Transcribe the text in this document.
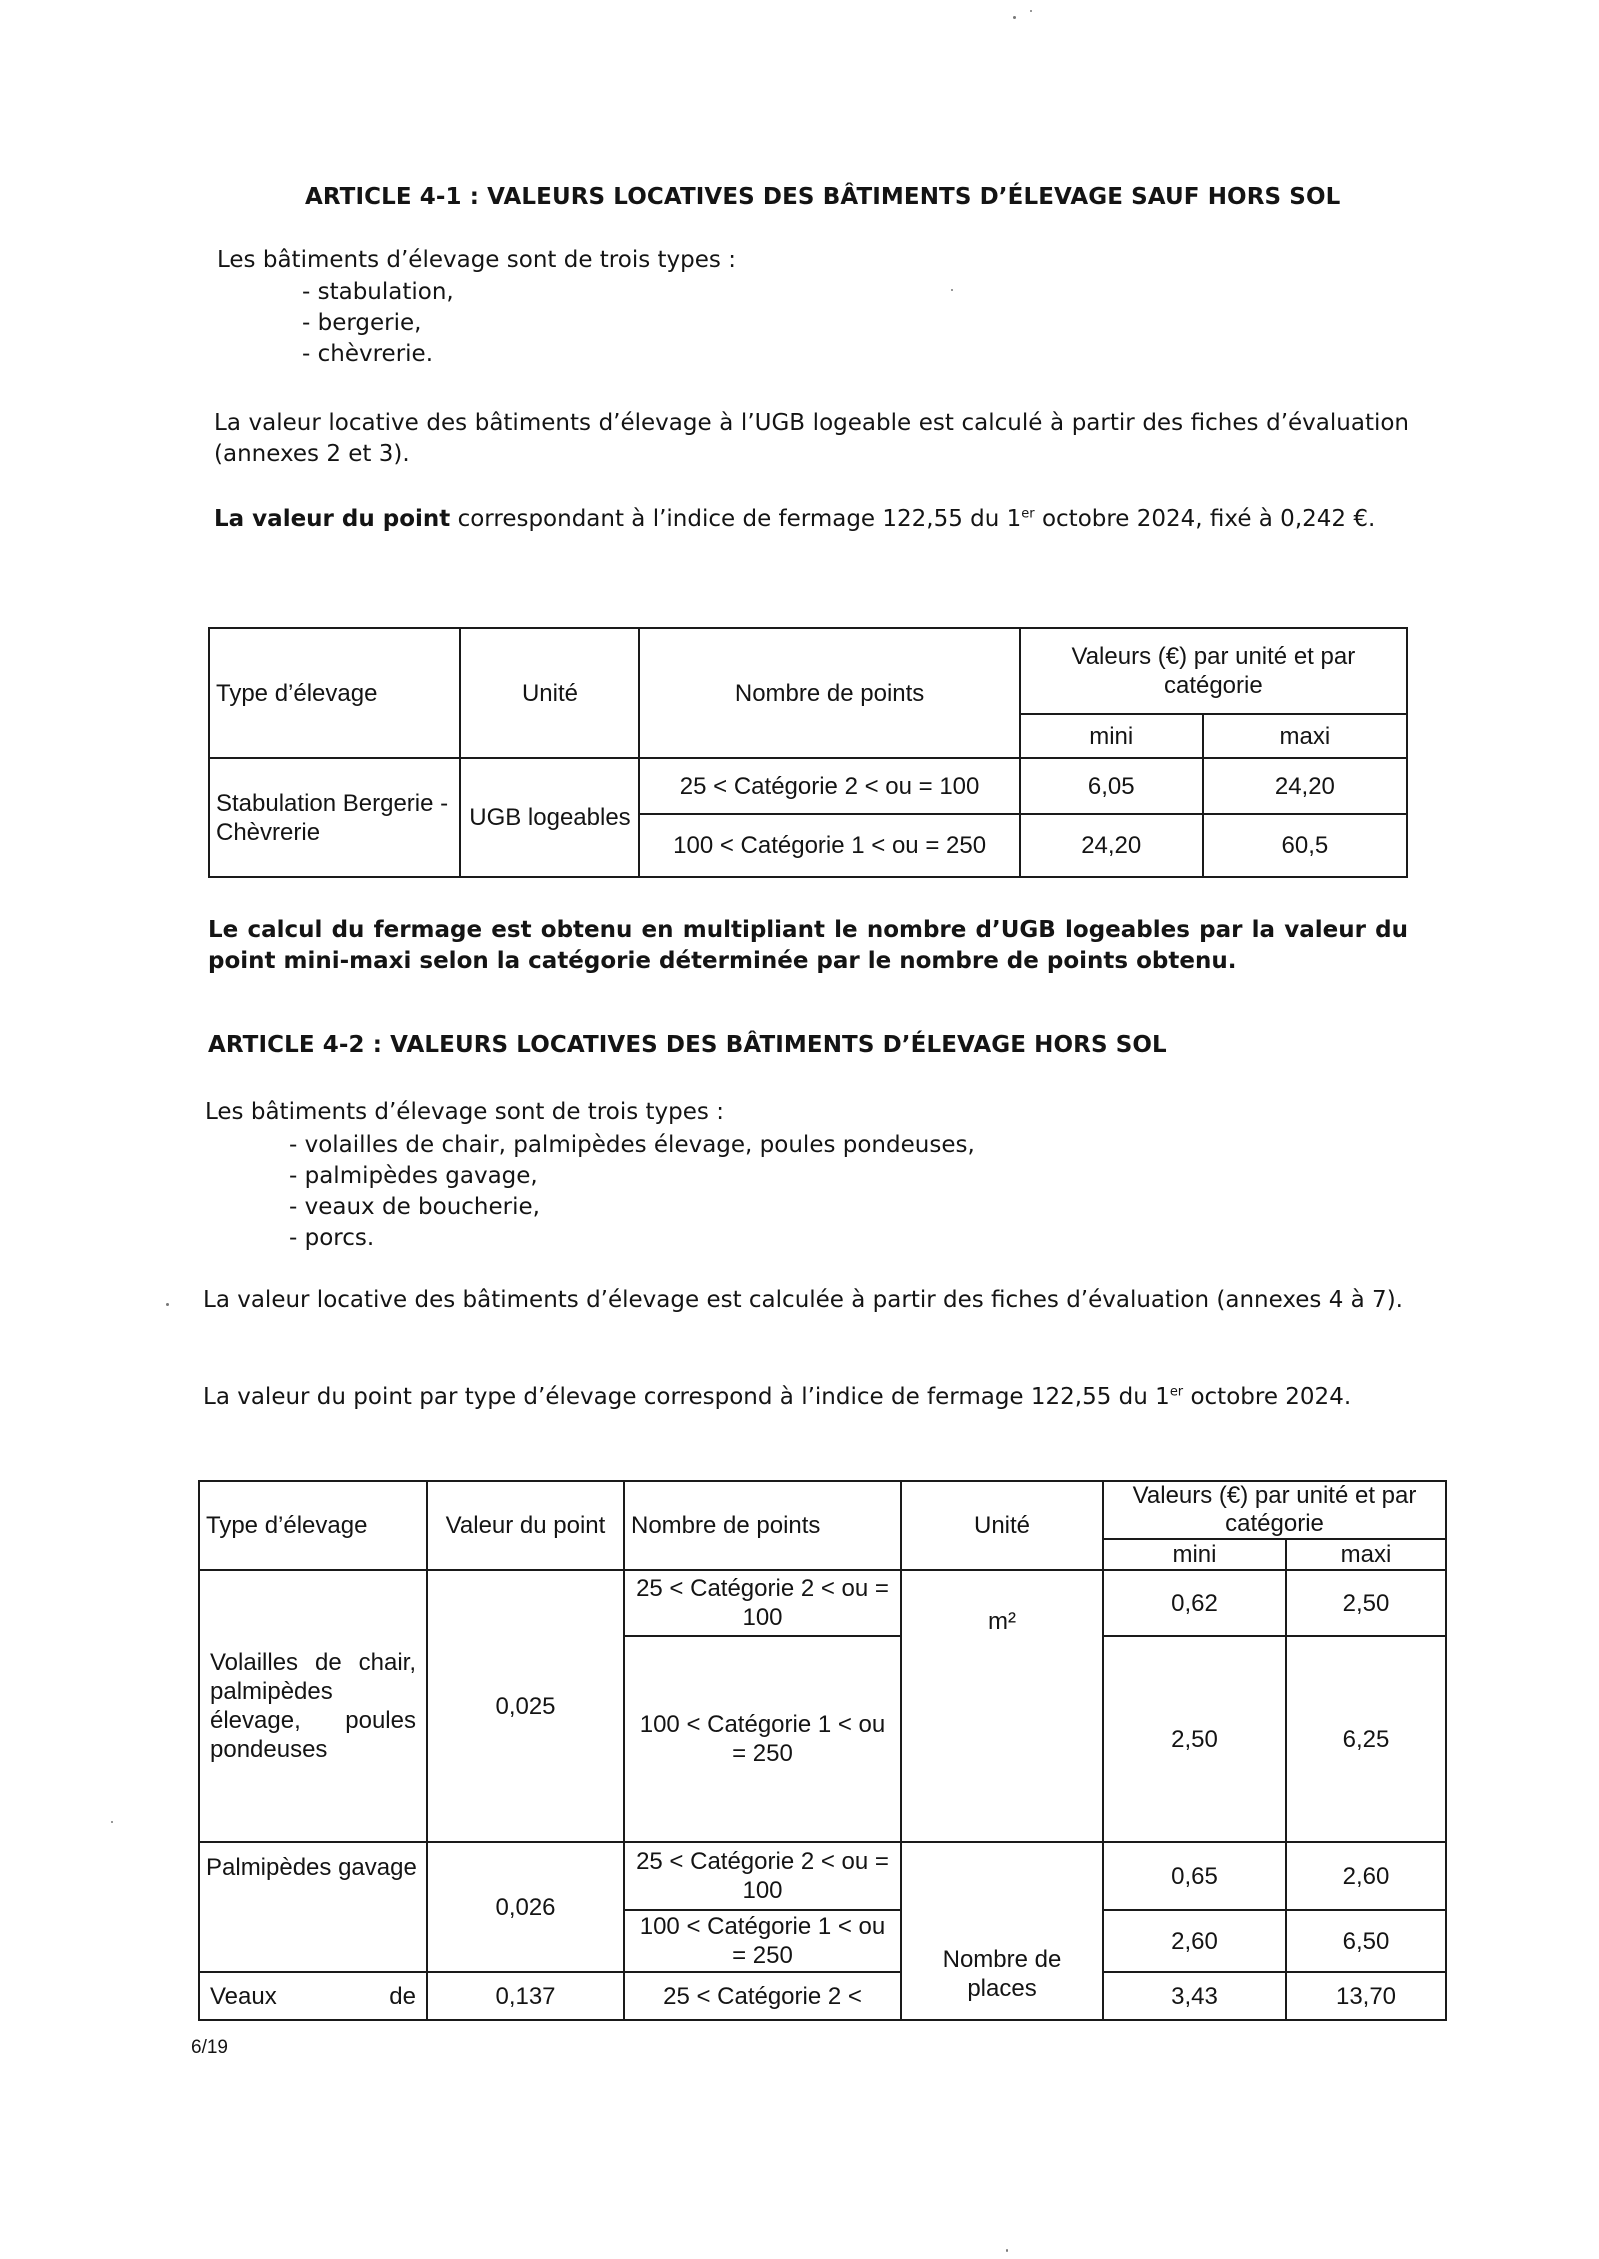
ARTICLE 4-1 : VALEURS LOCATIVES DES BÂTIMENTS D’ÉLEVAGE SAUF HORS SOL
Les bâtiments d’élevage sont de trois types :
- stabulation,
- bergerie,
- chèvrerie.
La valeur locative des bâtiments d’élevage à l’UGB logeable est calculé à partir des fiches d’évaluation (annexes 2 et 3).
La valeur du point correspondant à l’indice de fermage 122,55 du 1er octobre 2024, fixé à 0,242 €.
Type d’élevage	Unité	Nombre de points	Valeurs (€) par unité et par catégorie	
			mini	maxi
Stabulation Bergerie - Chèvrerie	UGB logeables	25 < Catégorie 2 < ou = 100	6,05	24,20
		100 < Catégorie 1 < ou = 250	24,20	60,5
Le calcul du fermage est obtenu en multipliant le nombre d’UGB logeables par la valeur du point mini-maxi selon la catégorie déterminée par le nombre de points obtenu.
ARTICLE 4-2 : VALEURS LOCATIVES DES BÂTIMENTS D’ÉLEVAGE HORS SOL
Les bâtiments d’élevage sont de trois types :
- volailles de chair, palmipèdes élevage, poules pondeuses,
- palmipèdes gavage,
- veaux de boucherie,
- porcs.
La valeur locative des bâtiments d’élevage est calculée à partir des fiches d’évaluation (annexes 4 à 7).
La valeur du point par type d’élevage correspond à l’indice de fermage 122,55 du 1er octobre 2024.
Type d’élevage	Valeur du point	Nombre de points	Unité	Valeurs (€) par unité et par catégorie	
				mini	maxi
Volailles de chair, palmipèdes élevage, poules pondeuses	0,025	25 < Catégorie 2 < ou = 100	m²	0,62	2,50
		100 < Catégorie 1 < ou = 250		2,50	6,25
Palmipèdes gavage	0,026	25 < Catégorie 2 < ou = 100	Nombre de places	0,65	2,60
		100 < Catégorie 1 < ou = 250		2,60	6,50
Veaux de	0,137	25 < Catégorie 2 <		3,43	13,70
6/19
